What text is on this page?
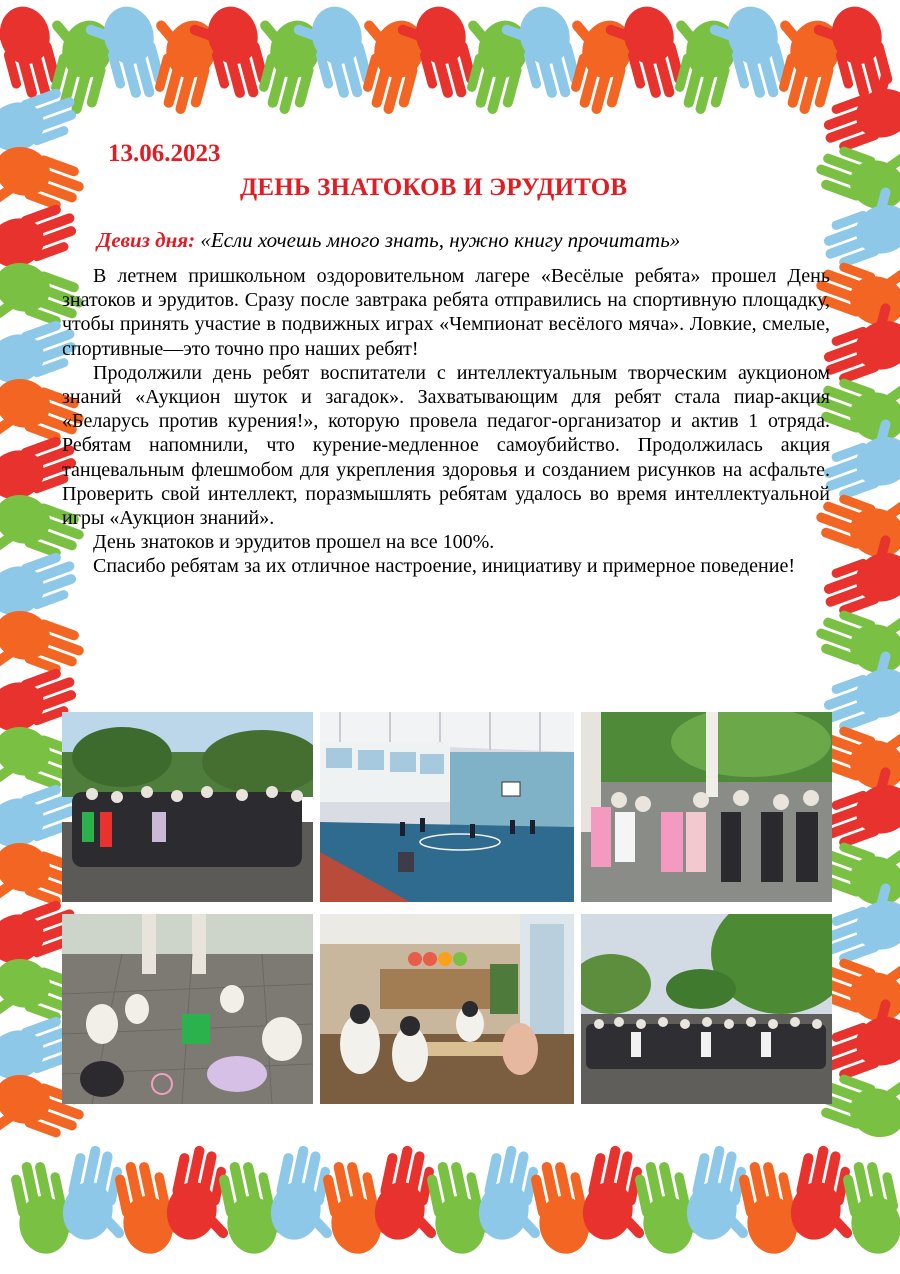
13.06.2023
ДЕНЬ ЗНАТОКОВ И ЭРУДИТОВ
Девиз дня: «Если хочешь много знать, нужно книгу прочитать»

В летнем пришкольном оздоровительном лагере «Весёлые ребята» прошел День знатоков и эрудитов. Сразу после завтрака ребята отправились на спортивную площадку, чтобы принять участие в подвижных играх «Чемпионат весёлого мяча». Ловкие, смелые, спортивные—это точно про наших ребят!

Продолжили день ребят воспитатели с интеллектуальным творческим аукционом знаний «Аукцион шуток и загадок». Захватывающим для ребят стала пиар-акция «Беларусь против курения!», которую провела педагог-организатор и актив 1 отряда. Ребятам напомнили, что курение-медленное самоубийство. Продолжилась акция танцевальным флешмобом для укрепления здоровья и созданием рисунков на асфальте. Проверить свой интеллект, поразмышлять ребятам удалось во время интеллектуальной игры «Аукцион знаний».

День знатоков и эрудитов прошел на все 100%.

Спасибо ребятам за их отличное настроение, инициативу и примерное поведение!
